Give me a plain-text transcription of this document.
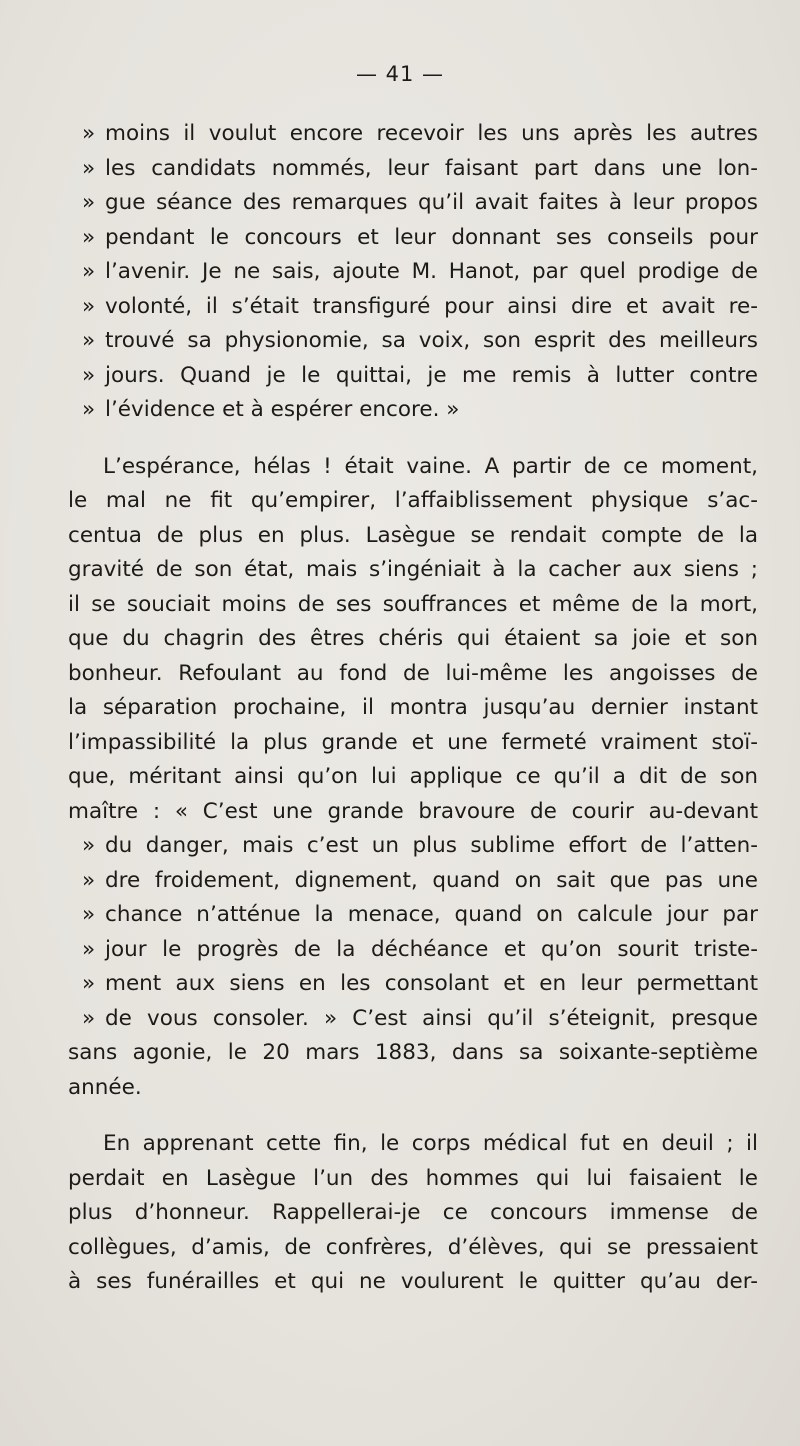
— 41 —
» moins il voulut encore recevoir les uns après les autres
» les candidats nommés, leur faisant part dans une lon-
» gue séance des remarques qu’il avait faites à leur propos
» pendant le concours et leur donnant ses conseils pour
» l’avenir. Je ne sais, ajoute M. Hanot, par quel prodige de
» volonté, il s’était transfiguré pour ainsi dire et avait re-
» trouvé sa physionomie, sa voix, son esprit des meilleurs
» jours. Quand je le quittai, je me remis à lutter contre
» l’évidence et à espérer encore. »
L’espérance, hélas ! était vaine. A partir de ce moment,
le mal ne fit qu’empirer, l’affaiblissement physique s’ac-
centua de plus en plus. Lasègue se rendait compte de la
gravité de son état, mais s’ingéniait à la cacher aux siens ;
il se souciait moins de ses souffrances et même de la mort,
que du chagrin des êtres chéris qui étaient sa joie et son
bonheur. Refoulant au fond de lui-même les angoisses de
la séparation prochaine, il montra jusqu’au dernier instant
l’impassibilité la plus grande et une fermeté vraiment stoï-
que, méritant ainsi qu’on lui applique ce qu’il a dit de son
maître : « C’est une grande bravoure de courir au-devant
» du danger, mais c’est un plus sublime effort de l’atten-
» dre froidement, dignement, quand on sait que pas une
» chance n’atténue la menace, quand on calcule jour par
» jour le progrès de la déchéance et qu’on sourit triste-
» ment aux siens en les consolant et en leur permettant
» de vous consoler. » C’est ainsi qu’il s’éteignit, presque
sans agonie, le 20 mars 1883, dans sa soixante-septième
année.
En apprenant cette fin, le corps médical fut en deuil ; il
perdait en Lasègue l’un des hommes qui lui faisaient le
plus d’honneur. Rappellerai-je ce concours immense de
collègues, d’amis, de confrères, d’élèves, qui se pressaient
à ses funérailles et qui ne voulurent le quitter qu’au der-
